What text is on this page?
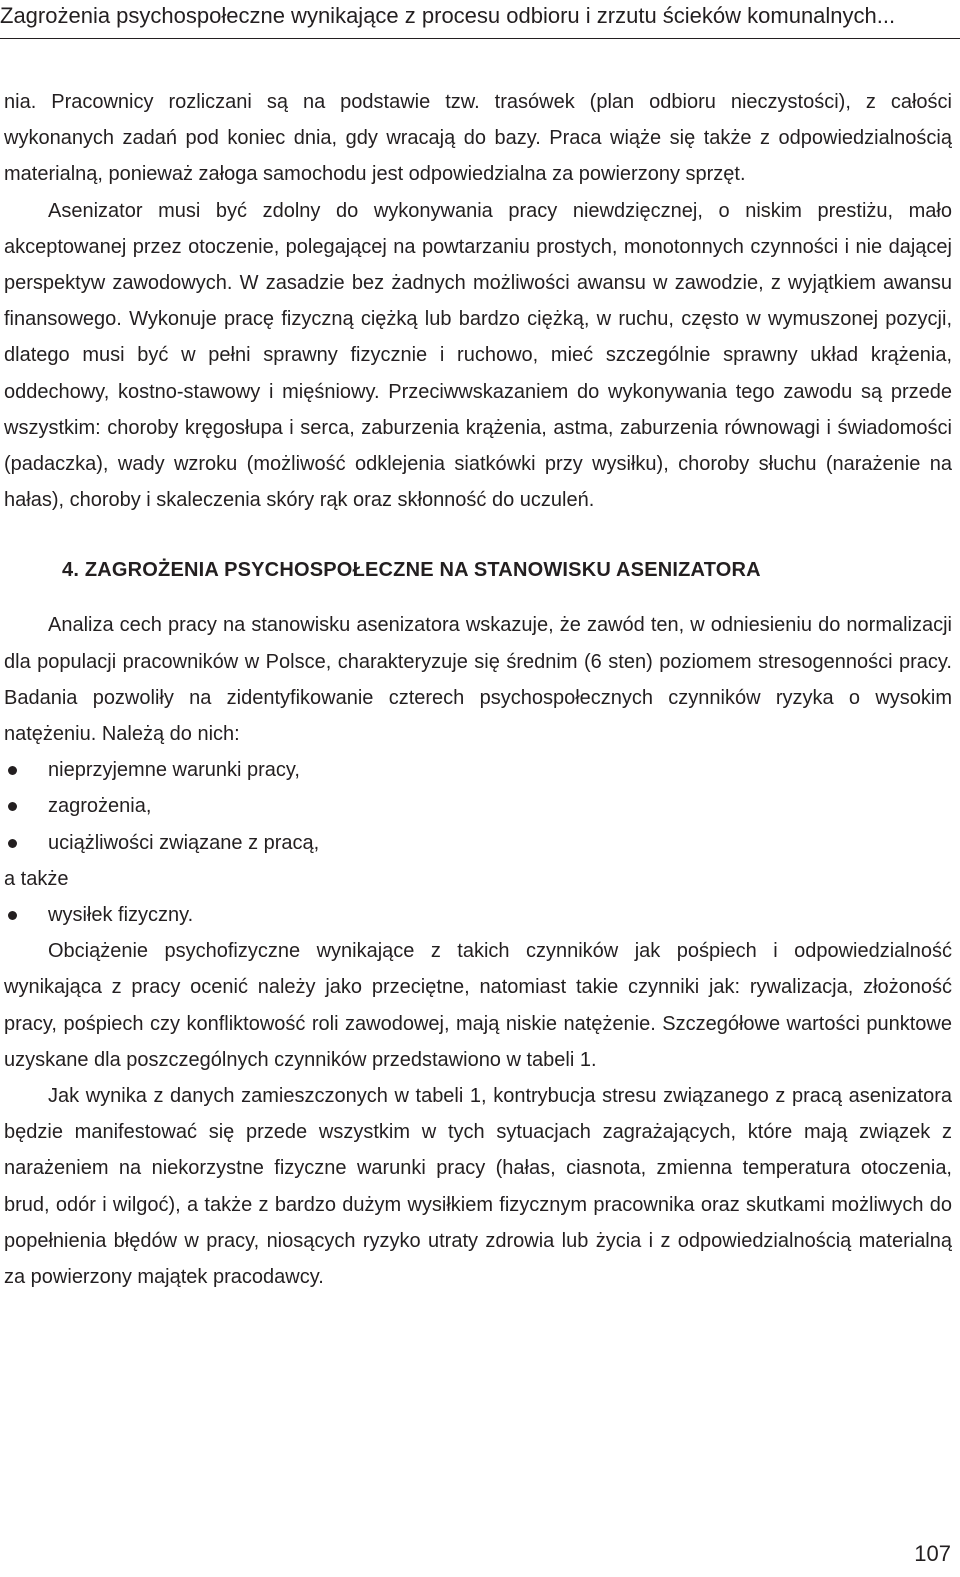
Zagrożenia psychospołeczne wynikające z procesu odbioru i zrzutu ścieków komunalnych...

nia. Pracownicy rozliczani są na podstawie tzw. trasówek (plan odbioru nieczystości), z całości wykonanych zadań pod koniec dnia, gdy wracają do bazy. Praca wiąże się także z odpowiedzialnością materialną, ponieważ załoga samochodu jest odpowiedzialna za powierzony sprzęt.

Asenizator musi być zdolny do wykonywania pracy niewdzięcznej, o niskim prestiżu, mało akceptowanej przez otoczenie, polegającej na powtarzaniu prostych, monotonnych czynności i nie dającej perspektyw zawodowych. W zasadzie bez żadnych możliwości awansu w zawodzie, z wyjątkiem awansu finansowego. Wykonuje pracę fizyczną ciężką lub bardzo ciężką, w ruchu, często w wymuszonej pozycji, dlatego musi być w pełni sprawny fizycznie i ruchowo, mieć szczególnie sprawny układ krążenia, oddechowy, kostno-stawowy i mięśniowy. Przeciwwskazaniem do wykonywania tego zawodu są przede wszystkim: choroby kręgosłupa i serca, zaburzenia krążenia, astma, zaburzenia równowagi i świadomości (padaczka), wady wzroku (możliwość odklejenia siatkówki przy wysiłku), choroby słuchu (narażenie na hałas), choroby i skaleczenia skóry rąk oraz skłonność do uczuleń.

4. ZAGROŻENIA PSYCHOSPOŁECZNE NA STANOWISKU ASENIZATORA

Analiza cech pracy na stanowisku asenizatora wskazuje, że zawód ten, w odniesieniu do normalizacji dla populacji pracowników w Polsce, charakteryzuje się średnim (6 sten) poziomem stresogenności pracy. Badania pozwoliły na zidentyfikowanie czterech psychospołecznych czynników ryzyka o wysokim natężeniu. Należą do nich:

nieprzyjemne warunki pracy,
zagrożenia,
uciążliwości związane z pracą,

a także

wysiłek fizyczny.

Obciążenie psychofizyczne wynikające z takich czynników jak pośpiech i odpowiedzialność wynikająca z pracy ocenić należy jako przeciętne, natomiast takie czynniki jak: rywalizacja, złożoność pracy, pośpiech czy konfliktowość roli zawodowej, mają niskie natężenie. Szczegółowe wartości punktowe uzyskane dla poszczególnych czynników przedstawiono w tabeli 1.

Jak wynika z danych zamieszczonych w tabeli 1, kontrybucja stresu związanego z pracą asenizatora będzie manifestować się przede wszystkim w tych sytuacjach zagrażających, które mają związek z narażeniem na niekorzystne fizyczne warunki pracy (hałas, ciasnota, zmienna temperatura otoczenia, brud, odór i wilgoć), a także z bardzo dużym wysiłkiem fizycznym pracownika oraz skutkami możliwych do popełnienia błędów w pracy, niosących ryzyko utraty zdrowia lub życia i z odpowiedzialnością materialną za powierzony majątek pracodawcy.

107
